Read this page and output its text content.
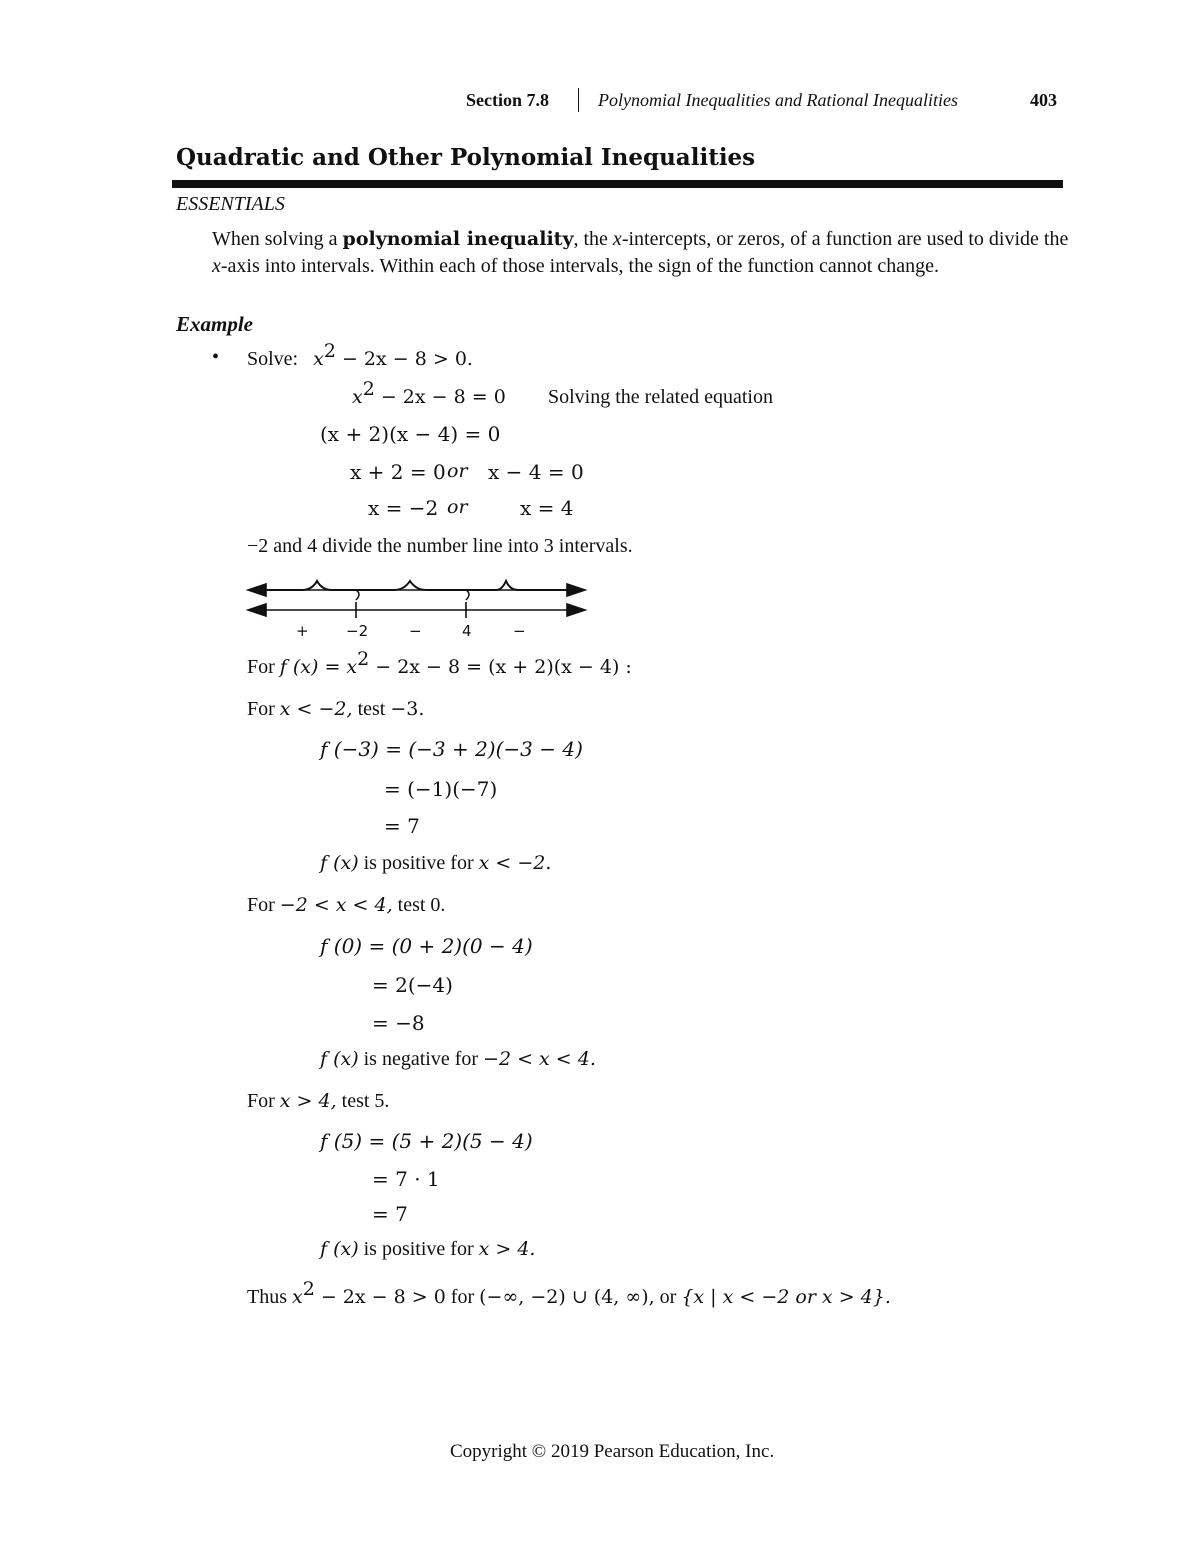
Section 7.8	Polynomial Inequalities and Rational Inequalities	403
Quadratic and Other Polynomial Inequalities
ESSENTIALS
When solving a polynomial inequality, the x-intercepts, or zeros, of a function are used to divide the x-axis into intervals. Within each of those intervals, the sign of the function cannot change.
Example
• Solve: $x^2 - 2x - 8 > 0$.
$x^2 - 2x - 8 = 0$ Solving the related equation
(x + 2)(x − 4) = 0
x + 2 = 0 or x − 4 = 0
x = −2 or	x = 4
−2 and 4 divide the number line into 3 intervals.
+ −2	−	4	−
For f $(x) = x^2 - 2x - 8 = (x + 2)(x - 4)$ :
For x < −2, test −3.
f (−3) = (−3 + 2)(−3 − 4)
= (−1)(−7)
= 7
f (x) is positive for x < −2.
For −2 < x < 4, test 0.
f (0) = (0 + 2)(0 − 4)
= 2(−4)
= −8
f (x) is negative for −2 < x < 4.
For x > 4, test 5.
f (5) = (5 + 2)(5 − 4)
= 7 · 1
= 7
f (x) is positive for x > 4.
Thus $x^2 - 2x - 8 > 0$ for (−∞, −2) ∪ (4, ∞), or {x | x < −2 or x > 4}.
Copyright © 2019 Pearson Education, Inc.
